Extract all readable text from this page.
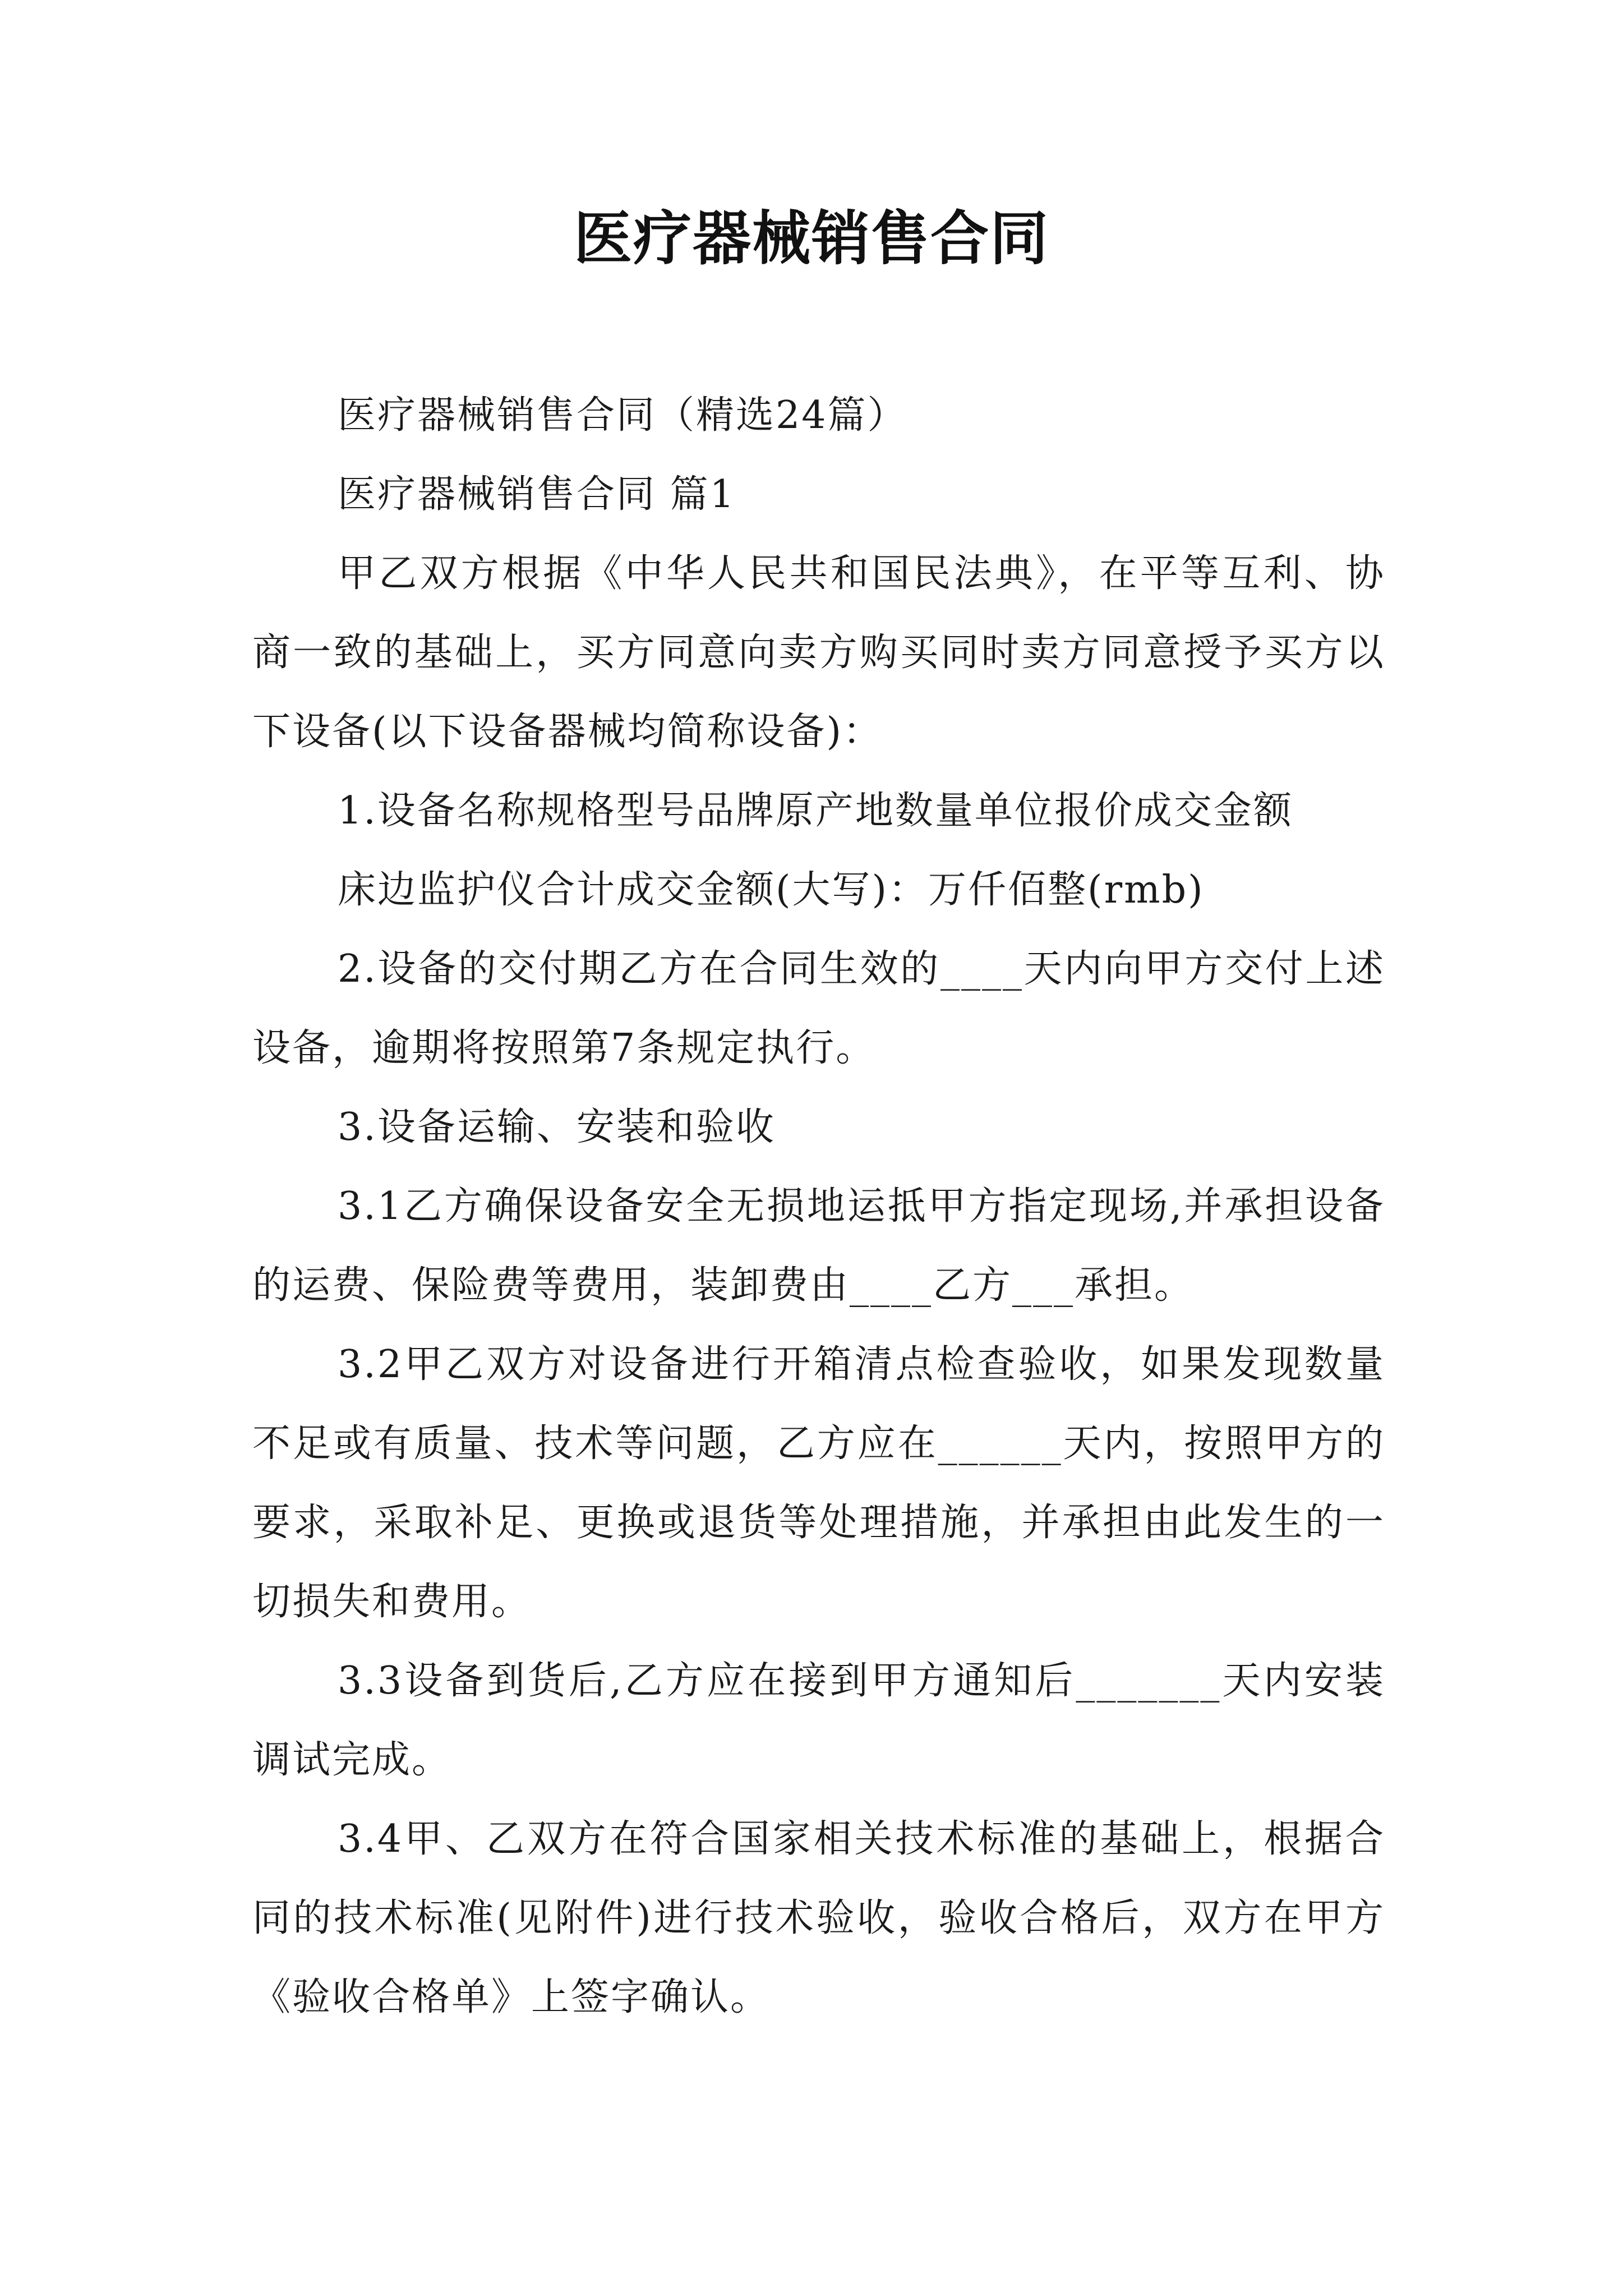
医疗器械销售合同

医疗器械销售合同（精选24篇）

医疗器械销售合同 篇1

甲乙双方根据《中华人民共和国民法典》，在平等互利、协商一致的基础上，买方同意向卖方购买同时卖方同意授予买方以下设备(以下设备器械均简称设备)：

1.设备名称规格型号品牌原产地数量单位报价成交金额

床边监护仪合计成交金额(大写)：万仟佰整(rmb)

2.设备的交付期乙方在合同生效的____天内向甲方交付上述设备，逾期将按照第7条规定执行。

3.设备运输、安装和验收

3.1乙方确保设备安全无损地运抵甲方指定现场,并承担设备的运费、保险费等费用，装卸费由____乙方___承担。

3.2甲乙双方对设备进行开箱清点检查验收，如果发现数量不足或有质量、技术等问题，乙方应在______天内，按照甲方的要求，采取补足、更换或退货等处理措施，并承担由此发生的一切损失和费用。

3.3设备到货后,乙方应在接到甲方通知后_______天内安装调试完成。

3.4甲、乙双方在符合国家相关技术标准的基础上，根据合同的技术标准(见附件)进行技术验收，验收合格后，双方在甲方《验收合格单》上签字确认。
